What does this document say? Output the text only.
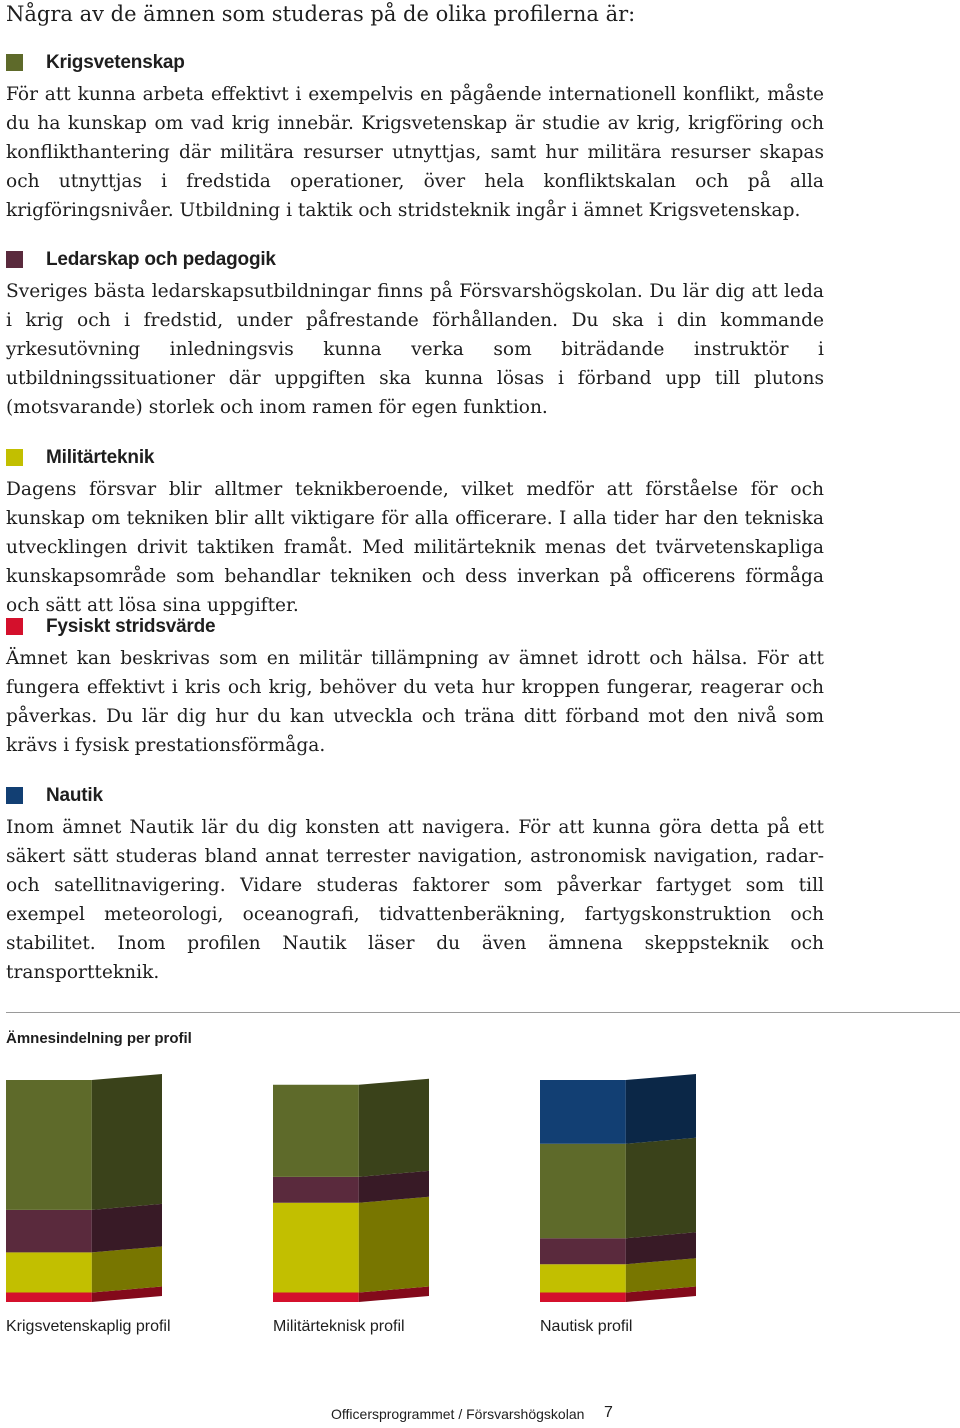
Några av de ämnen som studeras på de olika profilerna är:

Krigsvetenskap

För att kunna arbeta effektivt i exempelvis en pågående internationell konflikt, måste du ha kunskap om vad krig innebär. Krigsvetenskap är studie av krig, krigföring och konflikthantering där militära resurser utnyttjas, samt hur militära resurser skapas och utnyttjas i fredstida operationer, över hela konfliktskalan och på alla krigföringsnivåer. Utbildning i taktik och stridsteknik ingår i ämnet Krigsvetenskap.

Ledarskap och pedagogik

Sveriges bästa ledarskapsutbildningar finns på Försvarshögskolan. Du lär dig att leda i krig och i fredstid, under påfrestande förhållanden. Du ska i din kommande yrkesutövning inledningsvis kunna verka som biträdande instruktör i utbildningssituationer där uppgiften ska kunna lösas i förband upp till plutons (motsvarande) storlek och inom ramen för egen funktion.

Militärteknik

Dagens försvar blir alltmer teknikberoende, vilket medför att förståelse för och kunskap om tekniken blir allt viktigare för alla officerare. I alla tider har den tekniska utvecklingen drivit taktiken framåt. Med militärteknik menas det tvärvetenskapliga kunskapsområde som behandlar tekniken och dess inverkan på officerens förmåga och sätt att lösa sina uppgifter.

Fysiskt stridsvärde

Ämnet kan beskrivas som en militär tillämpning av ämnet idrott och hälsa. För att fungera effektivt i kris och krig, behöver du veta hur kroppen fungerar, reagerar och påverkas. Du lär dig hur du kan utveckla och träna ditt förband mot den nivå som krävs i fysisk prestationsförmåga.

Nautik

Inom ämnet Nautik lär du dig konsten att navigera. För att kunna göra detta på ett säkert sätt studeras bland annat terrester navigation, astronomisk navigation, radar- och satellitnavigering. Vidare studeras faktorer som påverkar fartyget som till exempel meteorologi, oceanografi, tidvattenberäkning, fartygskonstruktion och stabilitet. Inom profilen Nautik läser du även ämnena skeppsteknik och transportteknik.

Ämnesindelning per profil
Krigsvetenskaplig profil	Militärteknisk profil	Nautisk profil
Officersprogrammet / Försvarshögskolan 7
